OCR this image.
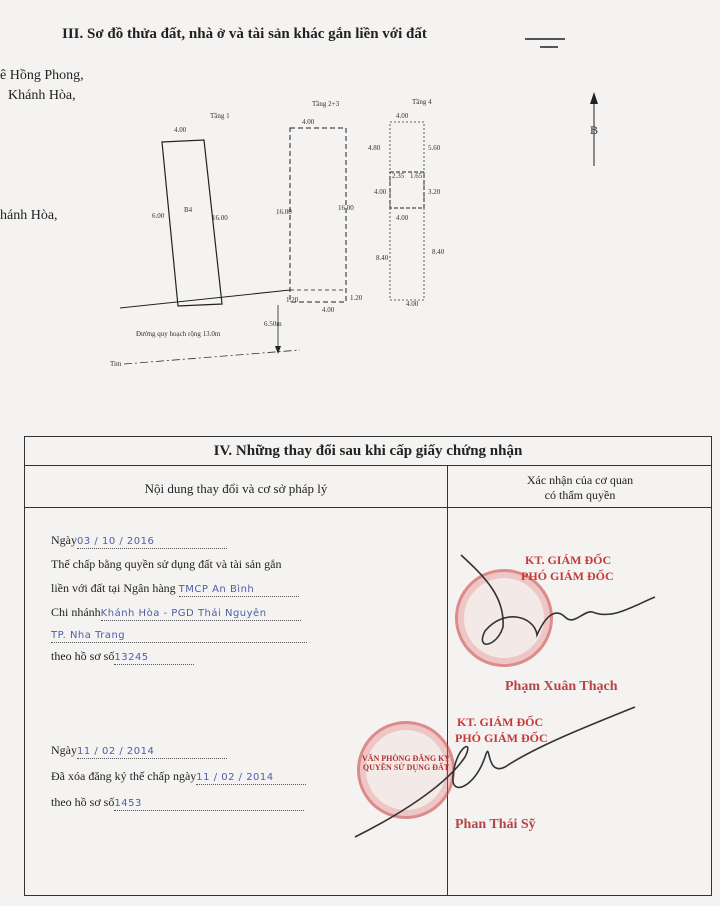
III. Sơ đồ thửa đất, nhà ở và tài sản khác gắn liền với đất
ê Hồng Phong,
Khánh Hòa,
hánh Hòa,
Tầng 1
4.00
6.00	16.00
B4
Đường quy hoạch rộng 13.0m
6.50m
Tim
Tầng 2+3
4.00
16.00	16.00
1.20	1.20
4.00
Tầng 4
4.00
4.80	5.60
2.35 1.65
4.00	3.20
4.00
8.40
8.40
4.00
B
IV. Những thay đổi sau khi cấp giấy chứng nhận
Nội dung thay đổi và cơ sở pháp lý
Xác nhận của cơ quan
có thẩm quyền
Ngày03 / 10 / 2016
Thế chấp bằng quyền sử dụng đất và tài sản gắn
liền với đất tại Ngân hàng TMCP An Bình
Chi nhánhKhánh Hòa - PGD Thái Nguyên
TP. Nha Trang
theo hồ sơ số13245
KT. GIÁM ĐỐC
PHÓ GIÁM ĐỐC
Phạm Xuân Thạch
Ngày11 / 02 / 2014
Đã xóa đăng ký thế chấp ngày11 / 02 / 2014
theo hồ sơ số1453
VĂN PHÒNG ĐĂNG KÝ QUYỀN SỬ DỤNG ĐẤT
KT. GIÁM ĐỐC
PHÓ GIÁM ĐỐC
Phan Thái Sỹ
